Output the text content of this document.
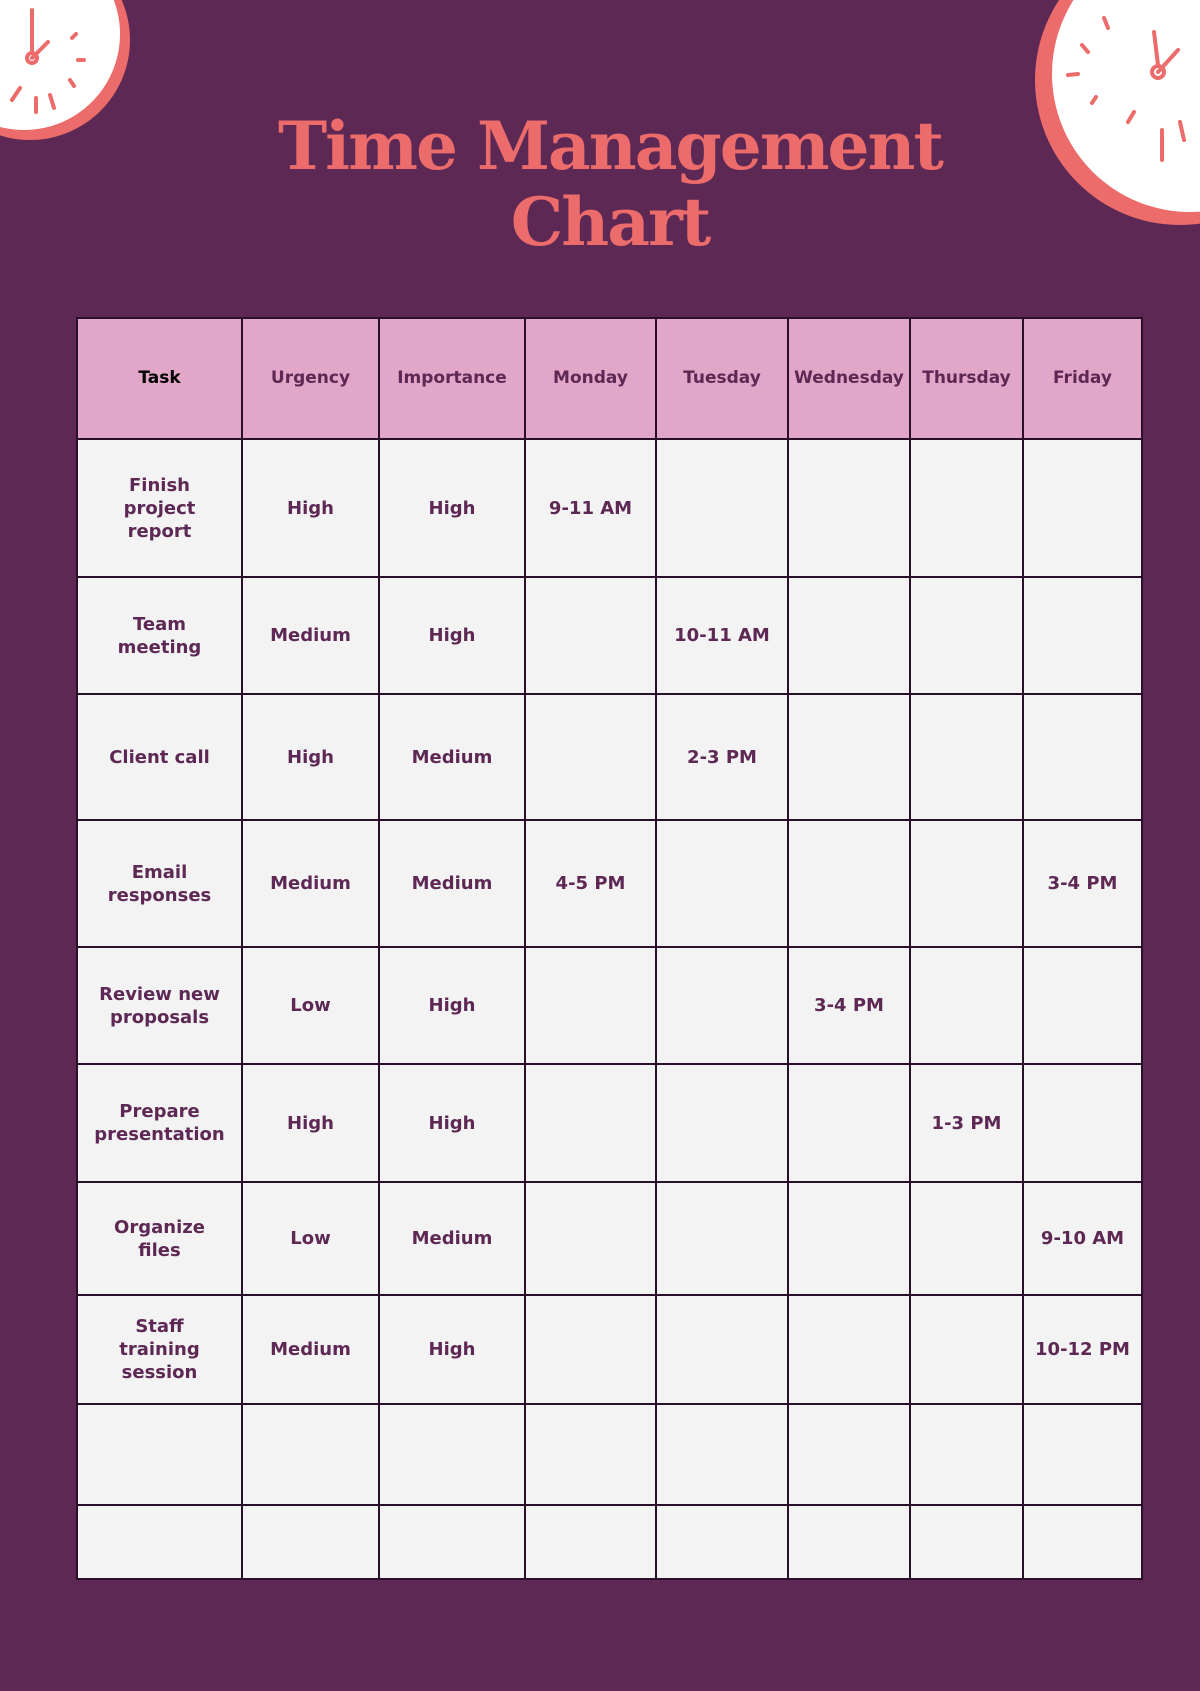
Time Management
Chart
Task	Urgency	Importance	Monday	Tuesday	Wednesday	Thursday	Friday
Finish project report	High	High	9-11 AM				
Team meeting	Medium	High		10-11 AM			
Client call	High	Medium		2-3 PM			
Email responses	Medium	Medium	4-5 PM				3-4 PM
Review new proposals	Low	High			3-4 PM		
Prepare presentation	High	High				1-3 PM	
Organize files	Low	Medium					9-10 AM
Staff training session	Medium	High					10-12 PM
